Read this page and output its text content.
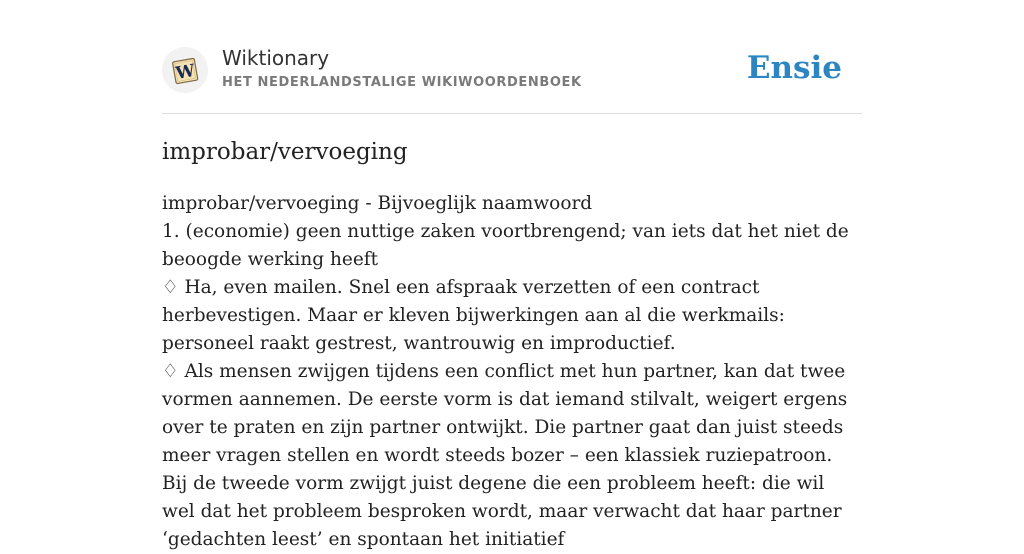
W
Wiktionary
HET NEDERLANDSTALIGE WIKIWOORDENBOEK	Ensie
improbar/vervoeging

improbar/vervoeging - Bijvoeglijk naamwoord

1. (economie) geen nuttige zaken voortbrengend; van iets dat het niet de beoogde werking heeft

♢ Ha, even mailen. Snel een afspraak verzetten of een contract herbevestigen. Maar er kleven bijwerkingen aan al die werkmails: personeel raakt gestrest, wantrouwig en improductief.

♢ Als mensen zwijgen tijdens een conflict met hun partner, kan dat twee vormen aannemen. De eerste vorm is dat iemand stilvalt, weigert ergens over te praten en zijn partner ontwijkt. Die partner gaat dan juist steeds meer vragen stellen en wordt steeds bozer – een klassiek ruziepatroon. Bij de tweede vorm zwijgt juist degene die een probleem heeft: die wil wel dat het probleem besproken wordt, maar verwacht dat haar partner ‘gedachten leest’ en spontaan het initiatief
